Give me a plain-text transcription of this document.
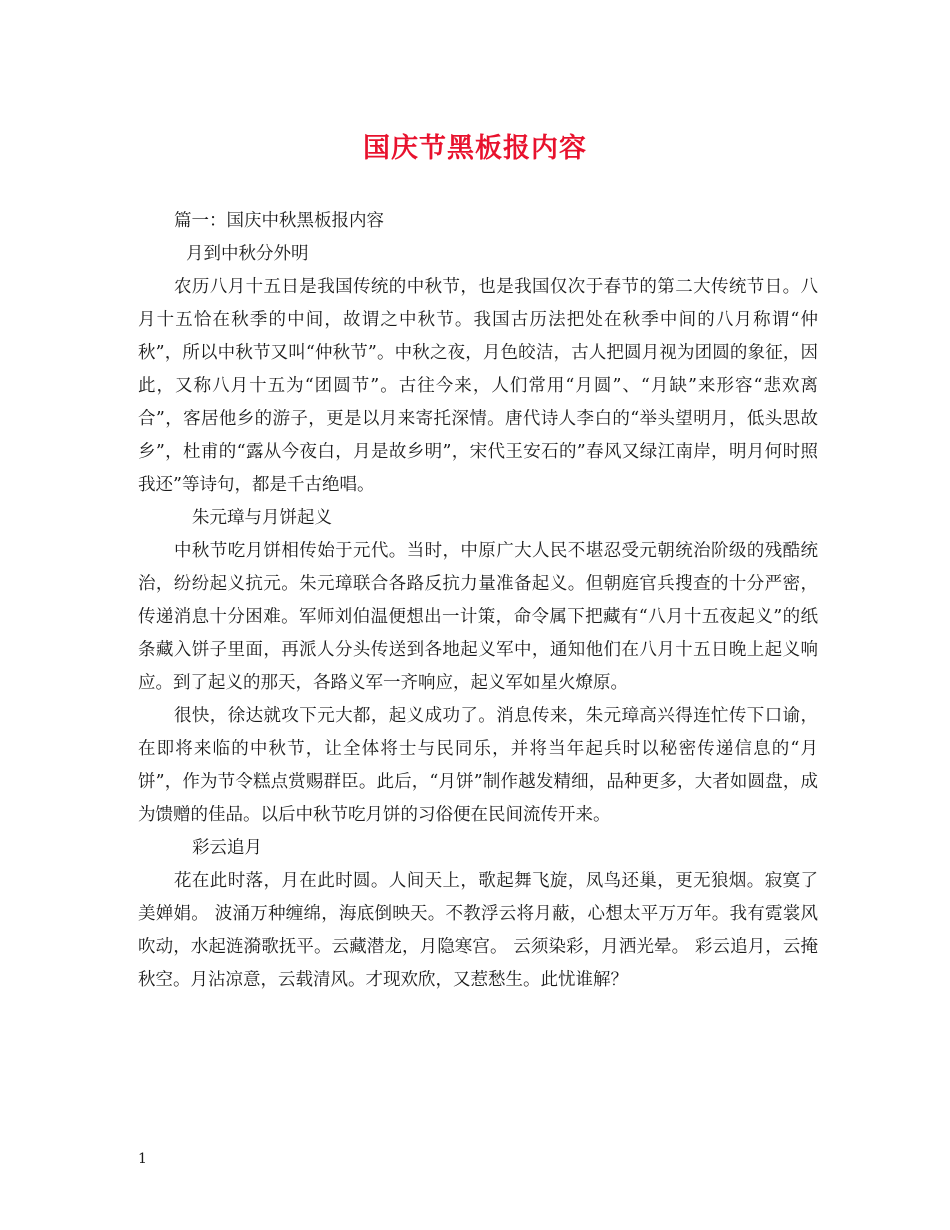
国庆节黑板报内容

篇一：国庆中秋黑板报内容

月到中秋分外明

农历八月十五日是我国传统的中秋节，也是我国仅次于春节的第二大传统节日。八月十五恰在秋季的中间，故谓之中秋节。我国古历法把处在秋季中间的八月称谓“仲秋”，所以中秋节又叫“仲秋节”。中秋之夜，月色皎洁，古人把圆月视为团圆的象征，因此，又称八月十五为“团圆节”。古往今来，人们常用“月圆”、“月缺”来形容“悲欢离合”，客居他乡的游子，更是以月来寄托深情。唐代诗人李白的“举头望明月，低头思故乡”，杜甫的“露从今夜白，月是故乡明”，宋代王安石的”春风又绿江南岸，明月何时照我还”等诗句，都是千古绝唱。

朱元璋与月饼起义

中秋节吃月饼相传始于元代。当时，中原广大人民不堪忍受元朝统治阶级的残酷统治，纷纷起义抗元。朱元璋联合各路反抗力量准备起义。但朝庭官兵搜查的十分严密，传递消息十分困难。军师刘伯温便想出一计策，命令属下把藏有“八月十五夜起义”的纸条藏入饼子里面，再派人分头传送到各地起义军中，通知他们在八月十五日晚上起义响应。到了起义的那天，各路义军一齐响应，起义军如星火燎原。

很快，徐达就攻下元大都，起义成功了。消息传来，朱元璋高兴得连忙传下口谕，在即将来临的中秋节，让全体将士与民同乐，并将当年起兵时以秘密传递信息的“月饼”，作为节令糕点赏赐群臣。此后，“月饼”制作越发精细，品种更多，大者如圆盘，成为馈赠的佳品。以后中秋节吃月饼的习俗便在民间流传开来。

彩云追月

花在此时落，月在此时圆。人间天上，歌起舞飞旋，凤鸟还巢，更无狼烟。寂寞了美婵娟。 波涌万种缠绵，海底倒映天。不教浮云将月蔽，心想太平万万年。我有霓裳风吹动，水起涟漪歌抚平。云藏潜龙，月隐寒宫。 云须染彩，月洒光晕。 彩云追月，云掩秋空。月沾凉意，云载清风。才现欢欣，又惹愁生。此忧谁解？

1
